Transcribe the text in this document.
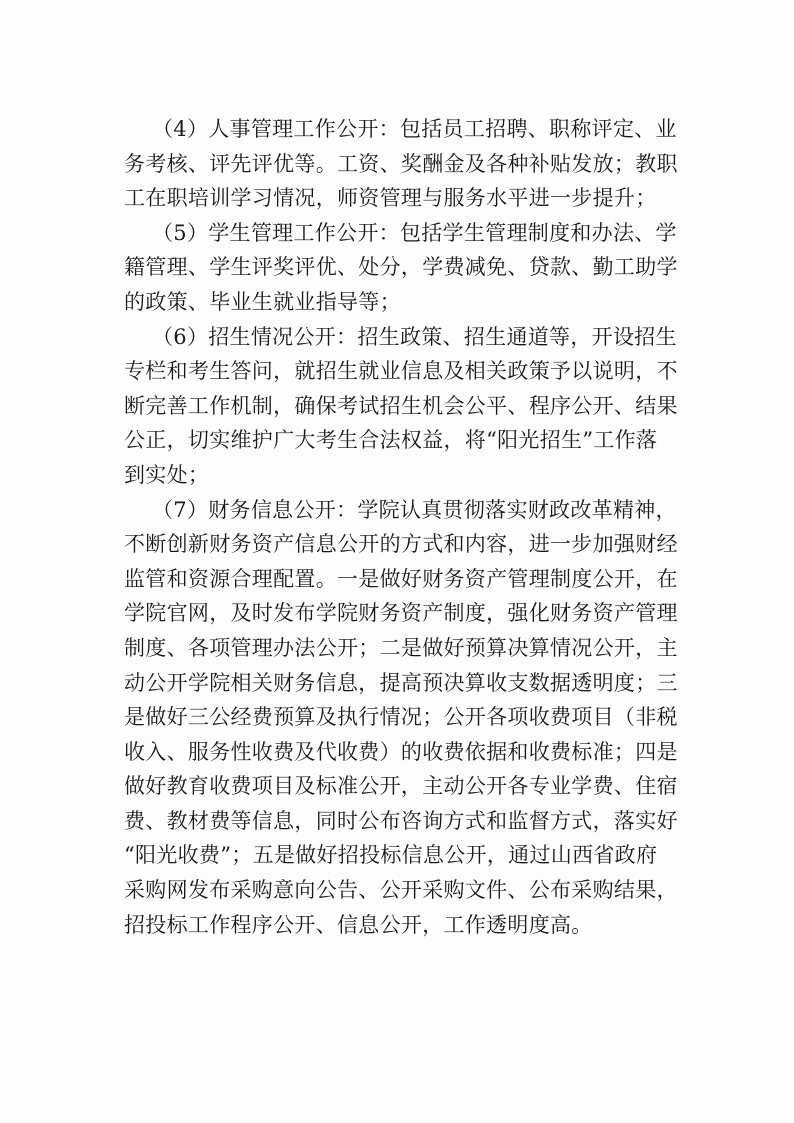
（4）人事管理工作公开：包括员工招聘、职称评定、业
务考核、评先评优等。工资、奖酬金及各种补贴发放；教职
工在职培训学习情况，师资管理与服务水平进一步提升；
（5）学生管理工作公开：包括学生管理制度和办法、学
籍管理、学生评奖评优、处分，学费减免、贷款、勤工助学
的政策、毕业生就业指导等；
（6）招生情况公开：招生政策、招生通道等，开设招生
专栏和考生答问，就招生就业信息及相关政策予以说明，不
断完善工作机制，确保考试招生机会公平、程序公开、结果
公正，切实维护广大考生合法权益，将“阳光招生”工作落
到实处；
（7）财务信息公开：学院认真贯彻落实财政改革精神，
不断创新财务资产信息公开的方式和内容，进一步加强财经
监管和资源合理配置。一是做好财务资产管理制度公开，在
学院官网，及时发布学院财务资产制度，强化财务资产管理
制度、各项管理办法公开；二是做好预算决算情况公开，主
动公开学院相关财务信息，提高预决算收支数据透明度；三
是做好三公经费预算及执行情况；公开各项收费项目（非税
收入、服务性收费及代收费）的收费依据和收费标准；四是
做好教育收费项目及标准公开，主动公开各专业学费、住宿
费、教材费等信息，同时公布咨询方式和监督方式，落实好
“阳光收费”；五是做好招投标信息公开，通过山西省政府
采购网发布采购意向公告、公开采购文件、公布采购结果，
招投标工作程序公开、信息公开，工作透明度高。
